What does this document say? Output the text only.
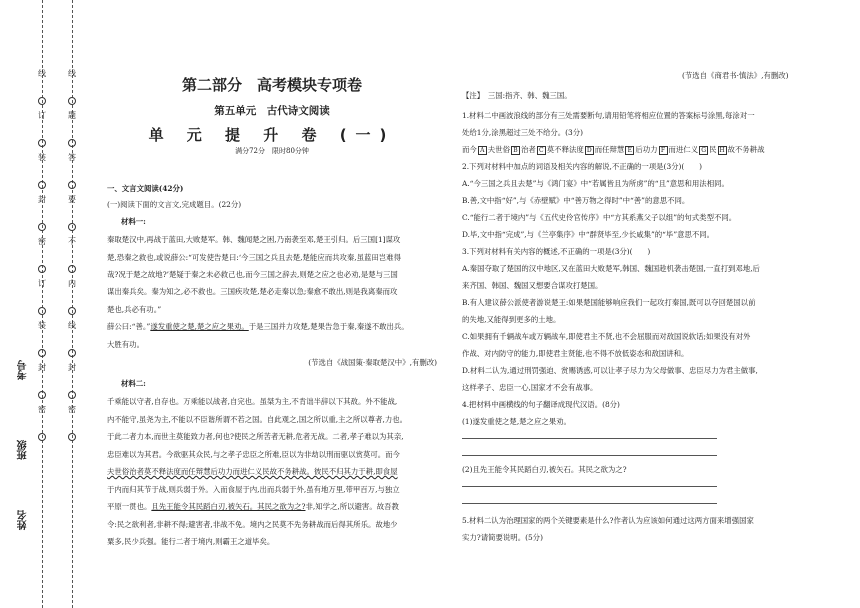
线
订
装
封
密
订
装
封
密
线
题
答
要
不
内
线
封
密
考号
班级
姓名
第二部分　高考模块专项卷
第五单元　古代诗文阅读
单 元 提 升 卷 (一)
满分72分　限时80分钟
一、文言文阅读(42分)
(一)阅读下面的文言文,完成题目。(22分)
材料一:
秦取楚汉中,再战于蓝田,大败楚军。韩、魏闻楚之困,乃南袭至邓,楚王引归。后三国[1]谋攻
楚,恐秦之救也,或说薛公:“可发使告楚曰:‘今三国之兵且去楚,楚能应而共攻秦,虽蓝田岂难得
哉?况于楚之故地?’楚疑于秦之未必救己也,而今三国之辞去,则楚之应之也必劝,是楚与三国
谋出秦兵矣。秦为知之,必不救也。三国疾攻楚,楚必走秦以急;秦愈不敢出,则是我离秦而攻
楚也,兵必有功。”
薛公曰:“善。”遂发重使之楚,楚之应之果劝。于是三国并力攻楚,楚果告急于秦,秦遂不敢出兵。
大胜有功。
(节选自《战国策·秦取楚汉中》,有删改)
材料二:
千乘能以守者,自存也。万乘能以战者,自完也。虽桀为主,不肯诎半辞以下其敌。外不能战,
内不能守,虽尧为主,不能以不臣谐所谓不若之国。自此观之,国之所以重,主之所以尊者,力也。
于此二者力本,而世主莫能致力者,何也?使民之所苦者无耕,危者无战。二者,孝子难以为其亲,
忠臣难以为其君。今欲驱其众民,与之孝子忠臣之所难,臣以为非劫以刑而驱以赏莫可。而今
夫世俗治者莫不释法度而任辩慧后功力而进仁义民故不务耕战。彼民不归其力于耕,即食屋
于内而归其节于战,则兵弱于外。入而食屋于内,出而兵弱于外,虽有地万里,带甲百万,与独立
平原一贯也。且先王能令其民蹈白刃,被矢石。其民之欲为之?非,知学之,所以避害。故吾教
令:民之欲利者,非耕不得;避害者,非战不免。境内之民莫不先务耕战而后得其所乐。故地少
粟多,民少兵强。能行二者于境内,则霸王之道毕矣。
(节选自《商君书·慎法》,有删改)
【注】　三国:指齐、韩、魏三国。
1.材料二中画波浪线的部分有三处需要断句,请用铅笔将相应位置的答案标号涂黑,每涂对一
处给1分,涂黑超过三处不给分。(3分)
而今 A 夫世俗 B 治者 C 莫不释法度 D 而任辩慧 E 后功力 F 而进仁义 G 民 H 故不务耕战
2.下列对材料中加点的词语及相关内容的解说,不正确的一项是(3分)(　　)
A.“今三国之兵且去楚”与《鸿门宴》中“若属皆且为所虏”的“且”意思和用法相同。
B.善,文中指“好”,与《赤壁赋》中“善万物之得时”中“善”的意思不同。
C.“能行二者于境内”与《五代史伶官传序》中“方其系燕父子以组”的句式类型不同。
D.毕,文中指“完成”,与《兰亭集序》中“群贤毕至,少长咸集”的“毕”意思不同。
3.下列对材料有关内容的概述,不正确的一项是(3分)(　　)
A.秦国夺取了楚国的汉中地区,又在蓝田大败楚军,韩国、魏国趁机袭击楚国,一直打到邓地,后
来齐国、韩国、魏国又想要合谋攻打楚国。
B.有人建议薛公派使者游说楚王:如果楚国能够响应我们一起攻打秦国,既可以夺回楚国以前
的失地,又能得到更多的土地。
C.如果拥有千辆战车或万辆战车,即使君主不贤,也不会屈服而对敌国说软话;如果没有对外
作战、对内防守的能力,即使君主贤能,也不得不放低姿态和敌国讲和。
D.材料二认为,通过刑罚强迫、赏赐诱惑,可以让孝子尽力为父母做事、忠臣尽力为君主做事,
这样孝子、忠臣一心,国家才不会有战事。
4.把材料中画横线的句子翻译成现代汉语。(8分)
(1)遂发重使之楚,楚之应之果劝。
(2)且先王能令其民蹈白刃,被矢石。其民之欲为之?
5.材料二认为治理国家的两个关键要素是什么?作者认为应该如何通过这两方面来增强国家
实力?请简要说明。(5分)
